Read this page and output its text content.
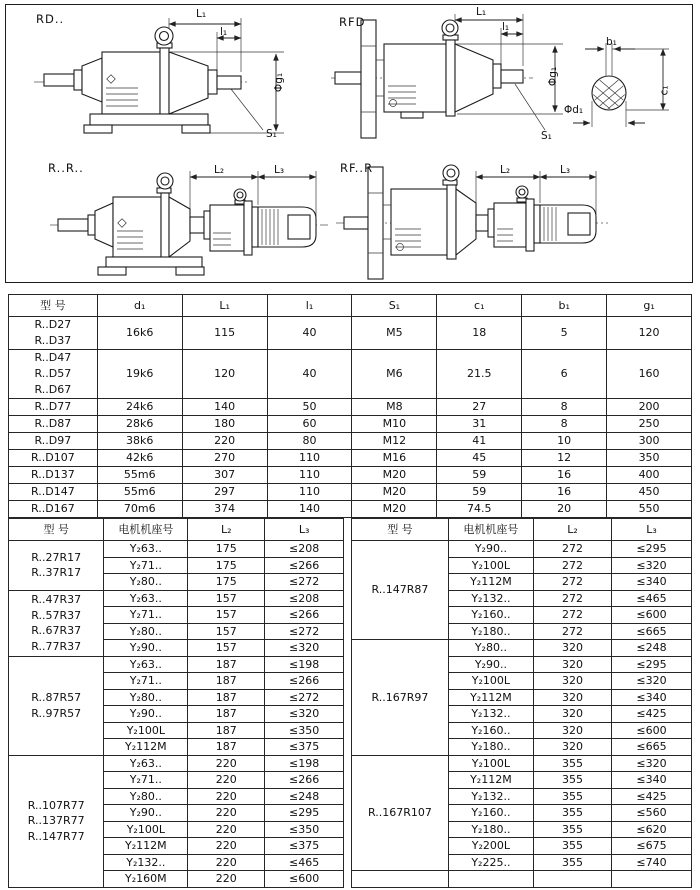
RD..	RFD
R..R..	RF..R
L₁
l₁
Φg₁
S₁
L₁
l₁
Φg₁
S₁
b₁
c₁
Φd₁
L₂	L₃	L₂	L₃
型 号	d₁	L₁	l₁	S₁	c₁	b₁	g₁

R..D27
R..D37	16k6	115	40	M5	18	5	120

R..D47
R..D57
R..D67	19k6	120	40	M6	21.5	6	160

R..D77	24k6	140	50	M8	27	8	200

R..D87	28k6	180	60	M10	31	8	250

R..D97	38k6	220	80	M12	41	10	300

R..D107	42k6	270	110	M16	45	12	350

R..D137	55m6	307	110	M20	59	16	400

R..D147	55m6	297	110	M20	59	16	450

R..D167	70m6	374	140	M20	74.5	20	550
型 号	电机机座号	L₂	L₃

R..27R17
R..37R17	Y₂63..	175	≤208
	Y₂71..	175	≤266
	Y₂80..	175	≤272

R..47R37
R..57R37
R..67R37
R..77R37	Y₂63..	157	≤208
	Y₂71..	157	≤266
	Y₂80..	157	≤272
	Y₂90..	157	≤320

R..87R57
R..97R57	Y₂63..	187	≤198
	Y₂71..	187	≤266
	Y₂80..	187	≤272
	Y₂90..	187	≤320
	Y₂100L	187	≤350
	Y₂112M	187	≤375

R..107R77
R..137R77
R..147R77	Y₂63..	220	≤198
	Y₂71..	220	≤266
	Y₂80..	220	≤248
	Y₂90..	220	≤295
	Y₂100L	220	≤350
	Y₂112M	220	≤375
	Y₂132..	220	≤465
	Y₂160M	220	≤600
型 号	电机机座号	L₂	L₃

R..147R87	Y₂90..	272	≤295
	Y₂100L	272	≤320
	Y₂112M	272	≤340
	Y₂132..	272	≤465
	Y₂160..	272	≤600
	Y₂180..	272	≤665

R..167R97	Y₂80..	320	≤248
	Y₂90..	320	≤295
	Y₂100L	320	≤320
	Y₂112M	320	≤340
	Y₂132..	320	≤425
	Y₂160..	320	≤600
	Y₂180..	320	≤665

R..167R107	Y₂100L	355	≤320
	Y₂112M	355	≤340
	Y₂132..	355	≤425
	Y₂160..	355	≤560
	Y₂180..	355	≤620
	Y₂200L	355	≤675
	Y₂225..	355	≤740
